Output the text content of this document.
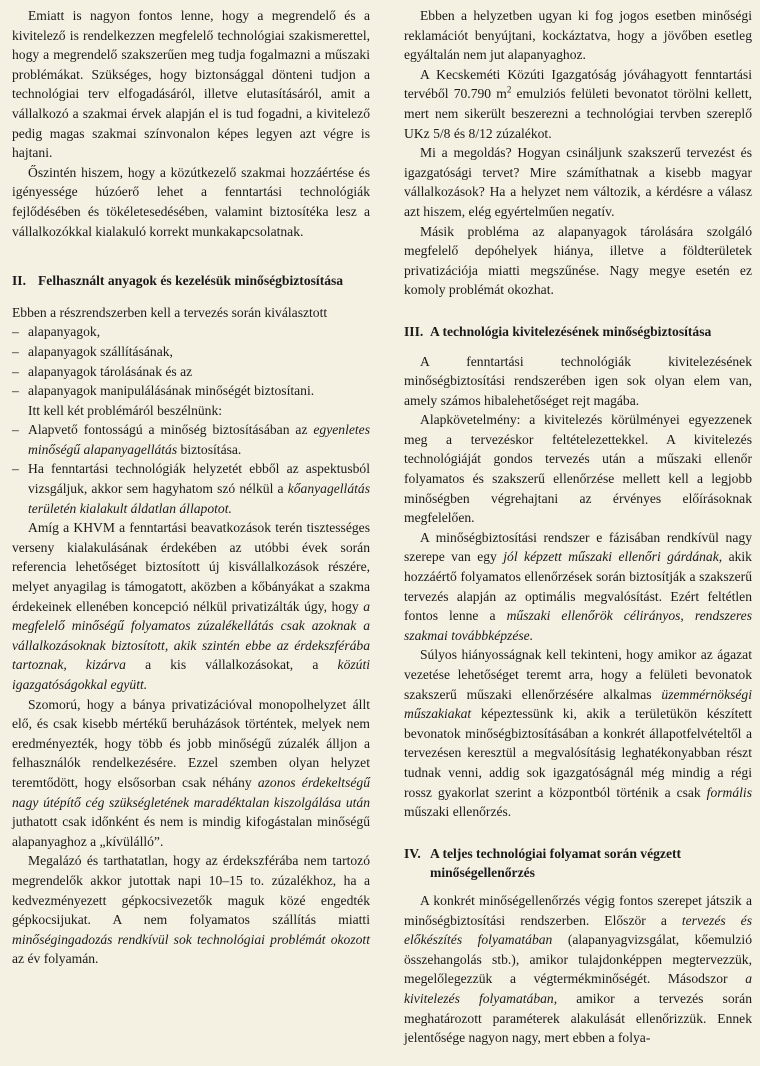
Emiatt is nagyon fontos lenne, hogy a megrendelő és a kivitelező is rendelkezzen megfelelő technológiai szakismerettel, hogy a megrendelő szakszerűen meg tudja fogalmazni a műszaki problémákat. Szükséges, hogy biztonsággal dönteni tudjon a technológiai terv elfogadásáról, illetve elutasításáról, amit a vállalkozó a szakmai érvek alapján el is tud fogadni, a kivitelező pedig magas szakmai színvonalon képes legyen azt végre is hajtani.

Őszintén hiszem, hogy a közútkezelő szakmai hozzáértése és igényessége húzóerő lehet a fenntartási technológiák fejlődésében és tökéletesedésében, valamint biztosítéka lesz a vállalkozókkal kialakuló korrekt munkakapcsolatnak.

II. Felhasznált anyagok és kezelésük minőségbiztosítása

Ebben a részrendszerben kell a tervezés során kiválasztott

– alapanyagok,
– alapanyagok szállításának,
– alapanyagok tárolásának és az
– alapanyagok manipulálásának minőségét biztosítani.

Itt kell két problémáról beszélnünk:

– Alapvető fontosságú a minőség biztosításában az egyenletes minőségű alapanyagellátás biztosítása.
– Ha fenntartási technológiák helyzetét ebből az aspektusból vizsgáljuk, akkor sem hagyhatom szó nélkül a kőanyagellátás területén kialakult áldatlan állapotot.

Amíg a KHVM a fenntartási beavatkozások terén tisztességes verseny kialakulásának érdekében az utóbbi évek során referencia lehetőséget biztosított új kisvállalkozások részére, melyet anyagilag is támogatott, aközben a kőbányákat a szakma érdekeinek ellenében koncepció nélkül privatizálták úgy, hogy a megfelelő minőségű folyamatos zúzalékellátás csak azoknak a vállalkozásoknak biztosított, akik szintén ebbe az érdekszférába tartoznak, kizárva a kis vállalkozásokat, a közúti igazgatóságokkal együtt.

Szomorú, hogy a bánya privatizációval monopolhelyzet állt elő, és csak kisebb mértékű beruházások történtek, melyek nem eredményezték, hogy több és jobb minőségű zúzalék álljon a felhasználók rendelkezésére. Ezzel szemben olyan helyzet teremtődött, hogy elsősorban csak néhány azonos érdekeltségű nagy útépítő cég szükségletének maradéktalan kiszolgálása után juthatott csak időnként és nem is mindig kifogástalan minőségű alapanyaghoz a „kívülálló”.

Megalázó és tarthatatlan, hogy az érdekszférába nem tartozó megrendelők akkor jutottak napi 10–15 to. zúzalékhoz, ha a kedvezményezett gépkocsivezetők maguk közé engedték gépkocsijukat. A nem folyamatos szállítás miatti minőségingadozás rendkívül sok technológiai problémát okozott az év folyamán.

Ebben a helyzetben ugyan ki fog jogos esetben minőségi reklamációt benyújtani, kockáztatva, hogy a jövőben esetleg egyáltalán nem jut alapanyaghoz.

A Kecskeméti Közúti Igazgatóság jóváhagyott fenntartási tervéből 70.790 $m^2$ emulziós felületi bevonatot törölni kellett, mert nem sikerült beszerezni a technológiai tervben szereplő UKz 5/8 és 8/12 zúzalékot.

Mi a megoldás? Hogyan csináljunk szakszerű tervezést és igazgatósági tervet? Mire számíthatnak a kisebb magyar vállalkozások? Ha a helyzet nem változik, a kérdésre a válasz azt hiszem, elég egyértelműen negatív.

Másik probléma az alapanyagok tárolására szolgáló megfelelő depóhelyek hiánya, illetve a földterületek privatizációja miatti megszűnése. Nagy megye esetén ez komoly problémát okozhat.

III. A technológia kivitelezésének minőségbiztosítása

A fenntartási technológiák kivitelezésének minőségbiztosítási rendszerében igen sok olyan elem van, amely számos hibalehetőséget rejt magába.

Alapkövetelmény: a kivitelezés körülményei egyezzenek meg a tervezéskor feltételezettekkel. A kivitelezés technológiáját gondos tervezés után a műszaki ellenőr folyamatos és szakszerű ellenőrzése mellett kell a legjobb minőségben végrehajtani az érvényes előírásoknak megfelelően.

A minőségbiztosítási rendszer e fázisában rendkívül nagy szerepe van egy jól képzett műszaki ellenőri gárdának, akik hozzáértő folyamatos ellenőrzések során biztosítják a szakszerű tervezés alapján az optimális megvalósítást. Ezért feltétlen fontos lenne a műszaki ellenőrök célirányos, rendszeres szakmai továbbképzése.

Súlyos hiányosságnak kell tekinteni, hogy amikor az ágazat vezetése lehetőséget teremt arra, hogy a felületi bevonatok szakszerű műszaki ellenőrzésére alkalmas üzemmérnökségi műszakiakat képeztessünk ki, akik a területükön készített bevonatok minőségbiztosításában a konkrét állapotfelvételtől a tervezésen keresztül a megvalósításig leghatékonyabban részt tudnak venni, addig sok igazgatóságnál még mindig a régi rossz gyakorlat szerint a központból történik a csak formális műszaki ellenőrzés.

IV. A teljes technológiai folyamat során végzett minőségellenőrzés

A konkrét minőségellenőrzés végig fontos szerepet játszik a minőségbiztosítási rendszerben. Először a tervezés és előkészítés folyamatában (alapanyagvizsgálat, kőemulzió összehangolás stb.), amikor tulajdonképpen megtervezzük, megelőlegezzük a végtermékminőségét. Másodszor a kivitelezés folyamatában, amikor a tervezés során meghatározott paraméterek alakulását ellenőrizzük. Ennek jelentősége nagyon nagy, mert ebben a folya-
